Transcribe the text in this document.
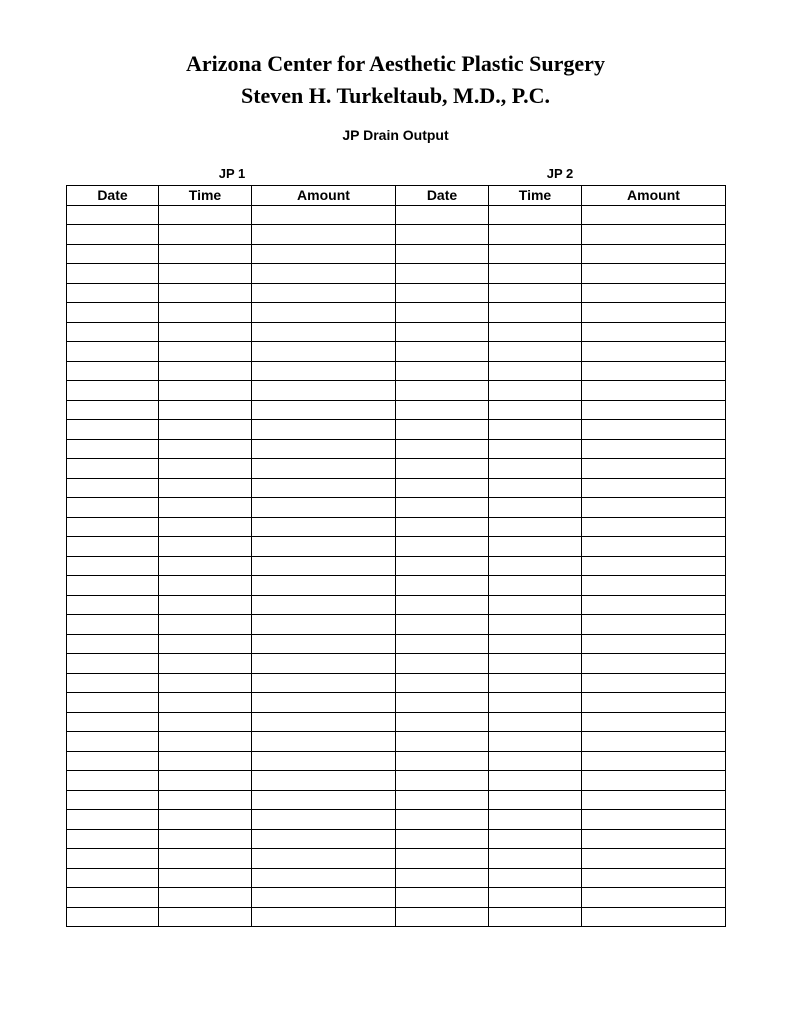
Arizona Center for Aesthetic Plastic Surgery
Steven H. Turkeltaub, M.D., P.C.
JP Drain Output
JP 1	JP 2
Date	Time	Amount	Date	Time	Amount
